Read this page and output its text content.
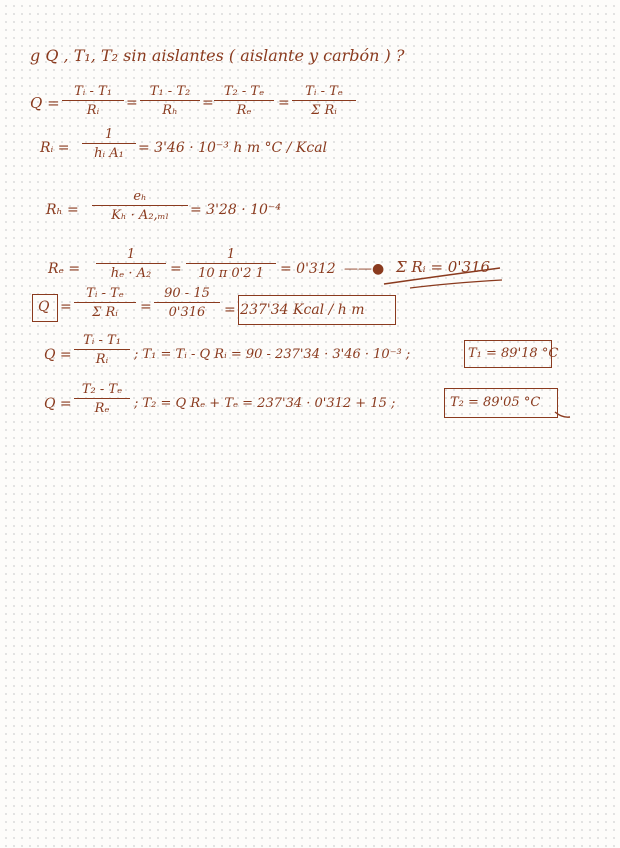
g Q , T₁, T₂ sin aislantes ( aislante y carbón ) ?
Q =
Tᵢ - T₁
Rᵢ	=
T₁ - T₂
Rₕ	=
T₂ - Tₑ
Rₑ	=
Tᵢ - Tₑ
Σ Rᵢ
Rᵢ =
1
hᵢ A₁	= 3'46 · 10⁻³ h m °C / Kcal
Rₕ =
eₕ
Kₕ · A₂,ₘₗ	= 3'28 · 10⁻⁴
Rₑ =
1
hₑ · A₂	=
1
10 π 0'2 1	= 0'312 ——● Σ Rᵢ = 0'316
Q =
Tᵢ - Tₑ
Σ Rᵢ	=
90 - 15
0'316	= 237'34 Kcal / h m
Q =
Tᵢ - T₁
Rᵢ	; T₁ = Tᵢ - Q Rᵢ = 90 - 237'34 · 3'46 · 10⁻³ ;	T₁ = 89'18 °C
Q =
T₂ - Tₑ
Rₑ	; T₂ = Q Rₑ + Tₑ = 237'34 · 0'312 + 15 ;	T₂ = 89'05 °C
